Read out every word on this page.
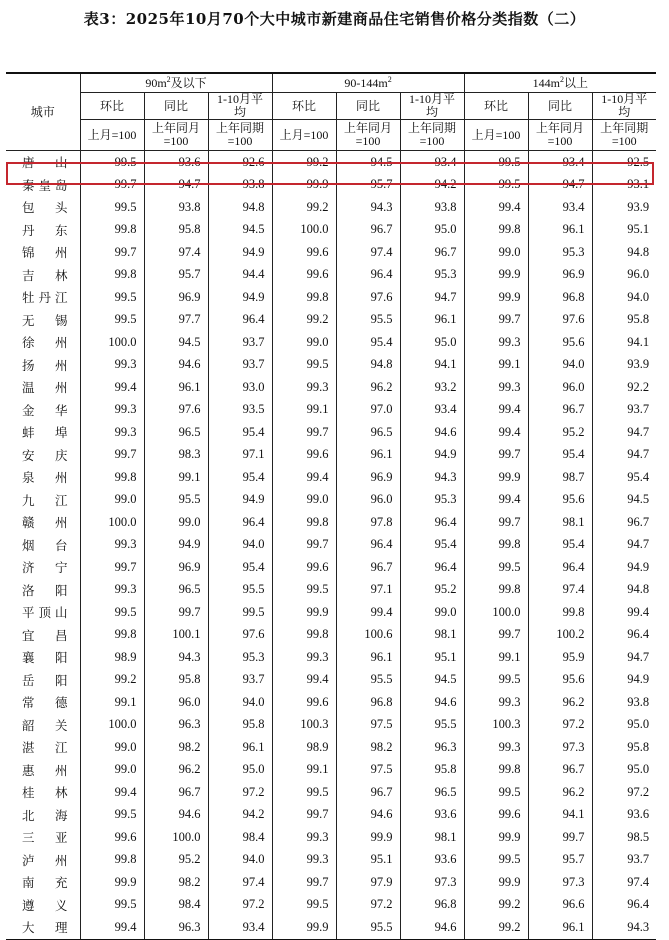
表3：2025年10月70个大中城市新建商品住宅销售价格分类指数（二）
城市	$90m^2$及以下			$90-144m^2$			$144m^2$以上		
	环比	同比	1-10月平均	环比	同比	1-10月平均	环比	同比	1-10月平均
	上月=100	上年同月=100	上年同期=100	上月=100	上年同月=100	上年同期=100	上月=100	上年同月=100	上年同期=100
唐山	99.5	93.6	92.6	99.2	94.5	93.4	99.5	93.4	92.5
秦皇岛	99.7	94.7	93.8	99.9	95.7	94.2	99.5	94.7	93.1
包头	99.5	93.8	94.8	99.2	94.3	93.8	99.4	93.4	93.9
丹东	99.8	95.8	94.5	100.0	96.7	95.0	99.8	96.1	95.1
锦州	99.7	97.4	94.9	99.6	97.4	96.7	99.0	95.3	94.8
吉林	99.8	95.7	94.4	99.6	96.4	95.3	99.9	96.9	96.0
牡丹江	99.5	96.9	94.9	99.8	97.6	94.7	99.9	96.8	94.0
无锡	99.5	97.7	96.4	99.2	95.5	96.1	99.7	97.6	95.8
徐州	100.0	94.5	93.7	99.0	95.4	95.0	99.3	95.6	94.1
扬州	99.3	94.6	93.7	99.5	94.8	94.1	99.1	94.0	93.9
温州	99.4	96.1	93.0	99.3	96.2	93.2	99.3	96.0	92.2
金华	99.3	97.6	93.5	99.1	97.0	93.4	99.4	96.7	93.7
蚌埠	99.3	96.5	95.4	99.7	96.5	94.6	99.4	95.2	94.7
安庆	99.7	98.3	97.1	99.6	96.1	94.9	99.7	95.4	94.7
泉州	99.8	99.1	95.4	99.4	96.9	94.3	99.9	98.7	95.4
九江	99.0	95.5	94.9	99.0	96.0	95.3	99.4	95.6	94.5
赣州	100.0	99.0	96.4	99.8	97.8	96.4	99.7	98.1	96.7
烟台	99.3	94.9	94.0	99.7	96.4	95.4	99.8	95.4	94.7
济宁	99.7	96.9	95.4	99.6	96.7	96.4	99.5	96.4	94.9
洛阳	99.3	96.5	95.5	99.5	97.1	95.2	99.8	97.4	94.8
平顶山	99.5	99.7	99.5	99.9	99.4	99.0	100.0	99.8	99.4
宜昌	99.8	100.1	97.6	99.8	100.6	98.1	99.7	100.2	96.4
襄阳	98.9	94.3	95.3	99.3	96.1	95.1	99.1	95.9	94.7
岳阳	99.2	95.8	93.7	99.4	95.5	94.5	99.5	95.6	94.9
常德	99.1	96.0	94.0	99.6	96.8	94.6	99.3	96.2	93.8
韶关	100.0	96.3	95.8	100.3	97.5	95.5	100.3	97.2	95.0
湛江	99.0	98.2	96.1	98.9	98.2	96.3	99.3	97.3	95.8
惠州	99.0	96.2	95.0	99.1	97.5	95.8	99.8	96.7	95.0
桂林	99.4	96.7	97.2	99.5	96.7	96.5	99.5	96.2	97.2
北海	99.5	94.6	94.2	99.7	94.6	93.6	99.6	94.1	93.6
三亚	99.6	100.0	98.4	99.3	99.9	98.1	99.9	99.7	98.5
泸州	99.8	95.2	94.0	99.3	95.1	93.6	99.5	95.7	93.7
南充	99.9	98.2	97.4	99.7	97.9	97.3	99.9	97.3	97.4
遵义	99.5	98.4	97.2	99.5	97.2	96.8	99.2	96.6	96.4
大理	99.4	96.3	93.4	99.9	95.5	94.6	99.2	96.1	94.3
